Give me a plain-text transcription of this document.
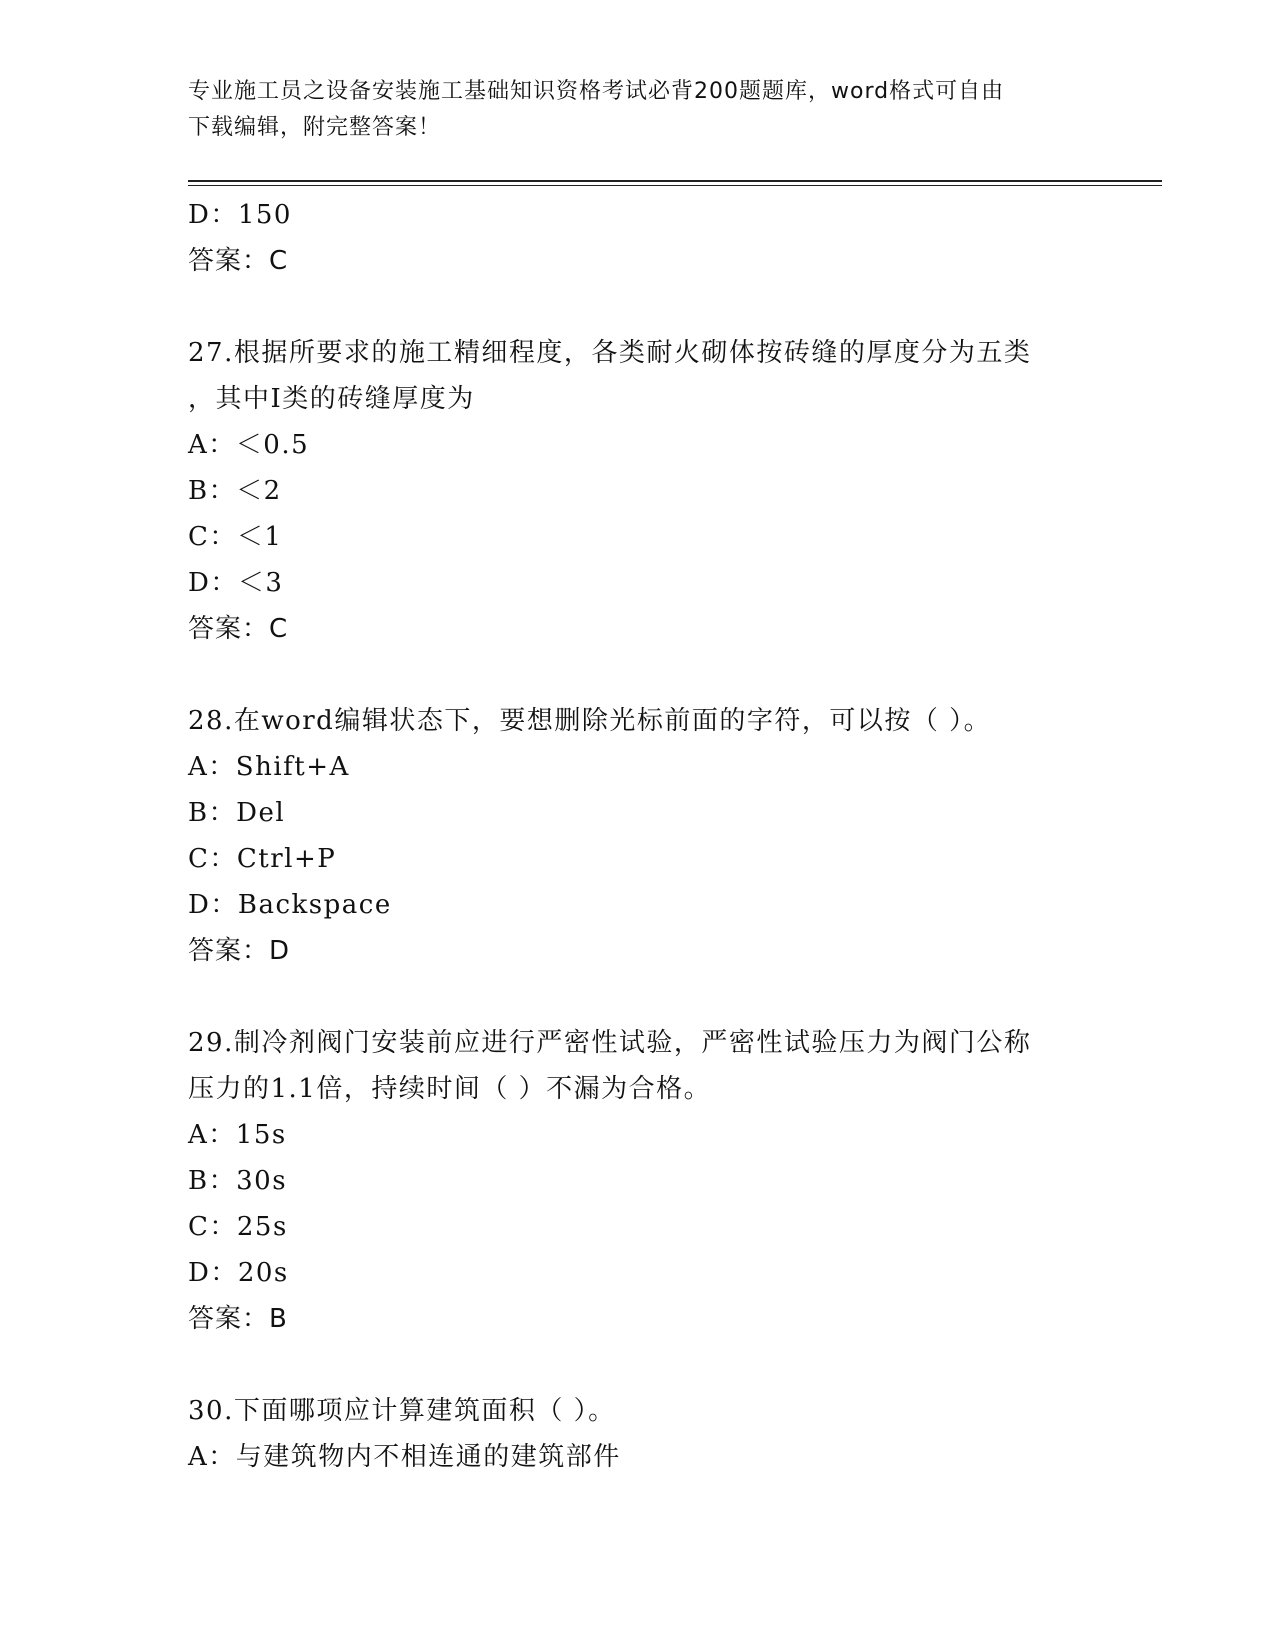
专业施工员之设备安装施工基础知识资格考试必背200题题库，word格式可自由
下载编辑，附完整答案！
D：150
答案：C
27.根据所要求的施工精细程度，各类耐火砌体按砖缝的厚度分为五类
，其中Ⅰ类的砖缝厚度为
A：＜0.5
B：＜2
C：＜1
D：＜3
答案：C
28.在word编辑状态下，要想删除光标前面的字符，可以按（ ）。
A：Shift+A
B：Del
C：Ctrl+P
D：Backspace
答案：D
29.制冷剂阀门安装前应进行严密性试验，严密性试验压力为阀门公称
压力的1.1倍，持续时间（ ）不漏为合格。
A：15s
B：30s
C：25s
D：20s
答案：B
30.下面哪项应计算建筑面积（ ）。
A：与建筑物内不相连通的建筑部件
